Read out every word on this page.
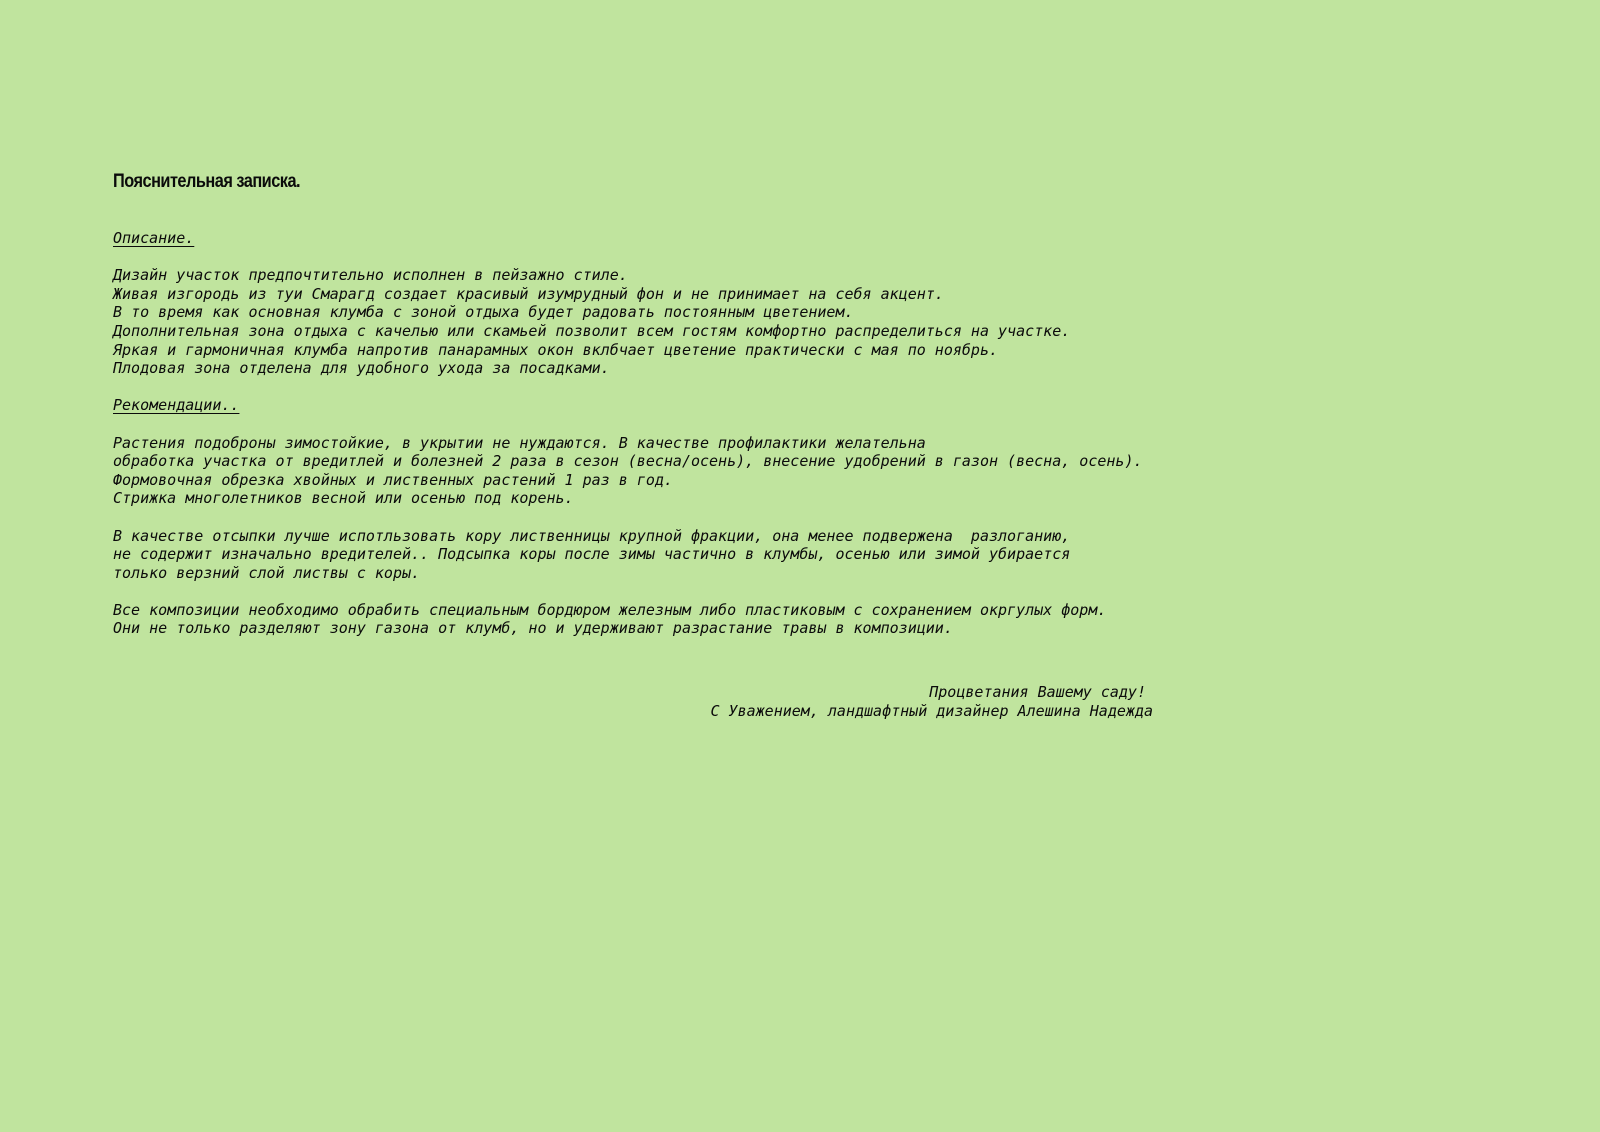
Пояснительная записка.
Описание.
Дизайн участок предпочтительно исполнен в пейзажно стиле.
Живая изгородь из туи Смарагд создает красивый изумрудный фон и не принимает на себя акцент.
В то время как основная клумба с зоной отдыха будет радовать постоянным цветением.
Дополнительная зона отдыха с качелью или скамьей позволит всем гостям комфортно распределиться на участке.
Яркая и гармоничная клумба напротив панарамных окон вклбчает цветение практически с мая по ноябрь.
Плодовая зона отделена для удобного ухода за посадками.
Рекомендации..
Растения подоброны зимостойкие, в укрытии не нуждаются. В качестве профилактики желательна
обработка участка от вредитлей и болезней 2 раза в сезон (весна/осень), внесение удобрений в газон (весна, осень).
Формовочная обрезка хвойных и лиственных растений 1 раз в год.
Стрижка многолетников весной или осенью под корень.
В качестве отсыпки лучше испотльзовать кору лиственницы крупной фракции, она менее подвержена  разлоганию,
не содержит изначально вредителей.. Подсыпка коры после зимы частично в клумбы, осенью или зимой убирается
только верзний слой листвы с коры.
Все композиции необходимо обрабить специальным бордюром железным либо пластиковым с сохранением окргулых форм.
Они не только разделяют зону газона от клумб, но и удерживают разрастание травы в композиции.
Процветания Вашему саду!
С Уважением, ландшафтный дизайнер Алешина Надежда
